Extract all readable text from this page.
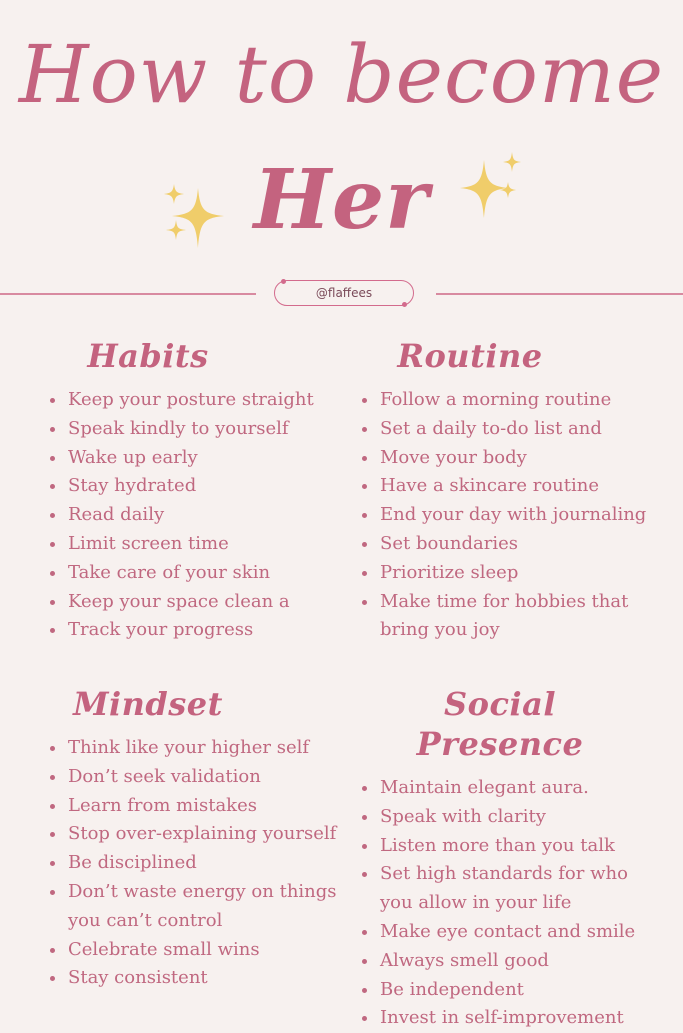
How to become
Her
@flaffees
Habits
Keep your posture straight
Speak kindly to yourself
Wake up early
Stay hydrated
Read daily
Limit screen time
Take care of your skin
Keep your space clean a
Track your progress
Routine
Follow a morning routine
Set a daily to-do list and
Move your body
Have a skincare routine
End your day with journaling
Set boundaries
Prioritize sleep
Make time for hobbies that
bring you joy
Mindset
Think like your higher self
Don’t seek validation
Learn from mistakes
Stop over-explaining yourself
Be disciplined
Don’t waste energy on things
you can’t control
Celebrate small wins
Stay consistent
Social Presence
Maintain elegant aura.
Speak with clarity
Listen more than you talk
Set high standards for who
you allow in your life
Make eye contact and smile
Always smell good
Be independent
Invest in self-improvement
